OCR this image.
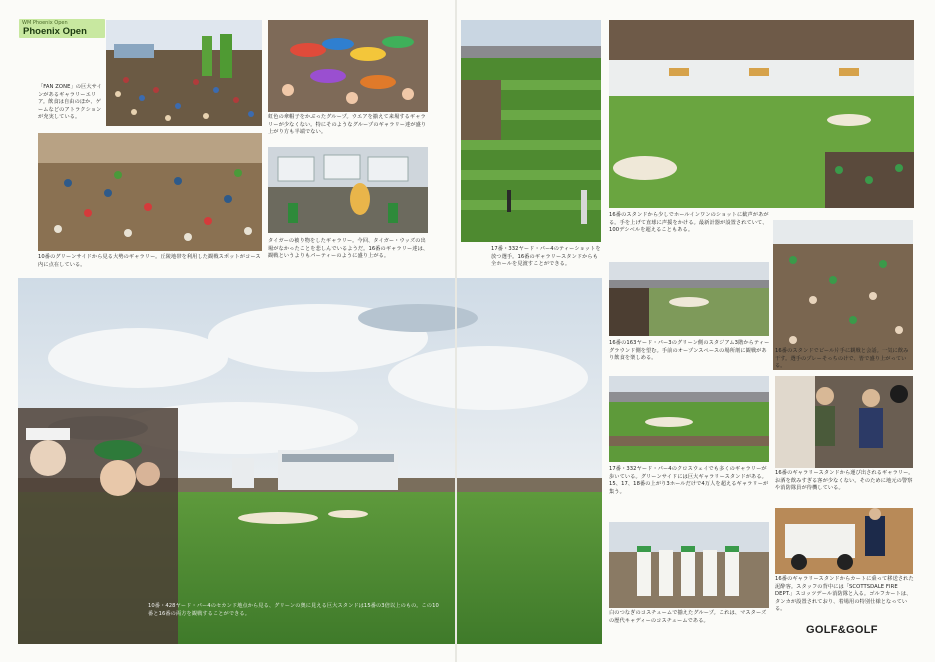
WM Phoenix Open
Phoenix Open
「FAN ZONE」の巨大サインがあるギャラリーエリア。飲食は自由のほか、ゲームなどのアトラクションが充実している。	虹色の傘帽子をかぶったグループ。ウエアを揃えて来場するギャラリーが少なくない。特にそのようなグループのギャラリー達が盛り上がり方も半端でない。
10番のグリーンサイドから見る大勢のギャラリー。丘陵地帯を利用した観戦スポットがコース内に点在している。
タイガーの被り物をしたギャラリー。今回、タイガー・ウッズの出場がなかったことを悲しんでいるようだ。16番のギャラリー達は、観戦というよりもパーティーのように盛り上がる。
10番・428ヤード・パー4のセカンド地点から見る、グリーンの奥に見える巨大スタンドは15番の3倍以上のもの。この10番と16番の両方を観戦することができる。
17番・332ヤード・パー4のティーショットを放つ選手。16番のギャラリースタンドからも全ホールを見渡すことができる。
16番のスタンドから少しでホールインワンのショットに歓声があがる。手を上げて直球に声援をかける。最新計器が設置されていて、100デシベルを超えることもある。
16番のスタンドでビール片手に観戦と会話。一気に飲み干す。選手のプレーそっちのけで、皆で盛り上がっている。
16番の163ヤード・パー3のグリーン側のスタジアム3階からティーグラウンド側を望む。手前のオープンスペースの場所剤に観戦があり飲食を楽しめる。
17番・332ヤード・パー4のクロスウェイでも多くのギャラリーが歩いている。グリーンサイドには巨大ギャラリースタンドがある。15、17、18番の上がり3ホールだけで4万人を超えるギャラリーが集う。
16番のギャラリースタンドから運び出されるギャラリー。お酒を飲みすぎる客が少なくない。そのために地元の警察や消防隊員が待機している。
白のつなぎのコスチュームで揃えたグループ。これは、マスターズの歴代キャディーのコスチュームである。
16番のギャラリースタンドからカートに乗って移送された泥酔客。スタッフの背中には「SCOTTSDALE FIRE DEPT.」スコッツデール消防隊と入る。ゴルフカートは、タンカが設置されており、着場用の特別仕様となっている。
GOLF&GOLF
